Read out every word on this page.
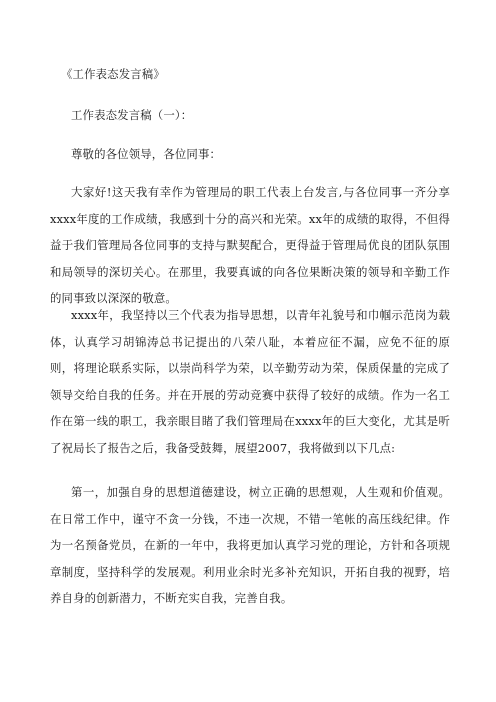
《工作表态发言稿》

工作表态发言稿（一）：

尊敬的各位领导，各位同事：

大家好!这天我有幸作为管理局的职工代表上台发言,与各位同事一齐分享xxxx年度的工作成绩，我感到十分的高兴和光荣。xx年的成绩的取得，不但得益于我们管理局各位同事的支持与默契配合，更得益于管理局优良的团队氛围和局领导的深切关心。在那里，我要真诚的向各位果断决策的领导和辛勤工作的同事致以深深的敬意。

xxxx年，我坚持以三个代表为指导思想，以青年礼貌号和巾帼示范岗为载体，认真学习胡锦涛总书记提出的八荣八耻，本着应征不漏，应免不征的原则，将理论联系实际，以崇尚科学为荣，以辛勤劳动为荣，保质保量的完成了领导交给自我的任务。并在开展的劳动竞赛中获得了较好的成绩。作为一名工作在第一线的职工，我亲眼目睹了我们管理局在xxxx年的巨大变化，尤其是听了祝局长了报告之后，我备受鼓舞，展望2007，我将做到以下几点:

第一，加强自身的思想道德建设，树立正确的思想观，人生观和价值观。在日常工作中，谨守不贪一分钱，不违一次规，不错一笔帐的高压线纪律。作为一名预备党员，在新的一年中，我将更加认真学习党的理论，方针和各项规章制度，坚持科学的发展观。利用业余时光多补充知识，开拓自我的视野，培养自身的创新潜力，不断充实自我，完善自我。
